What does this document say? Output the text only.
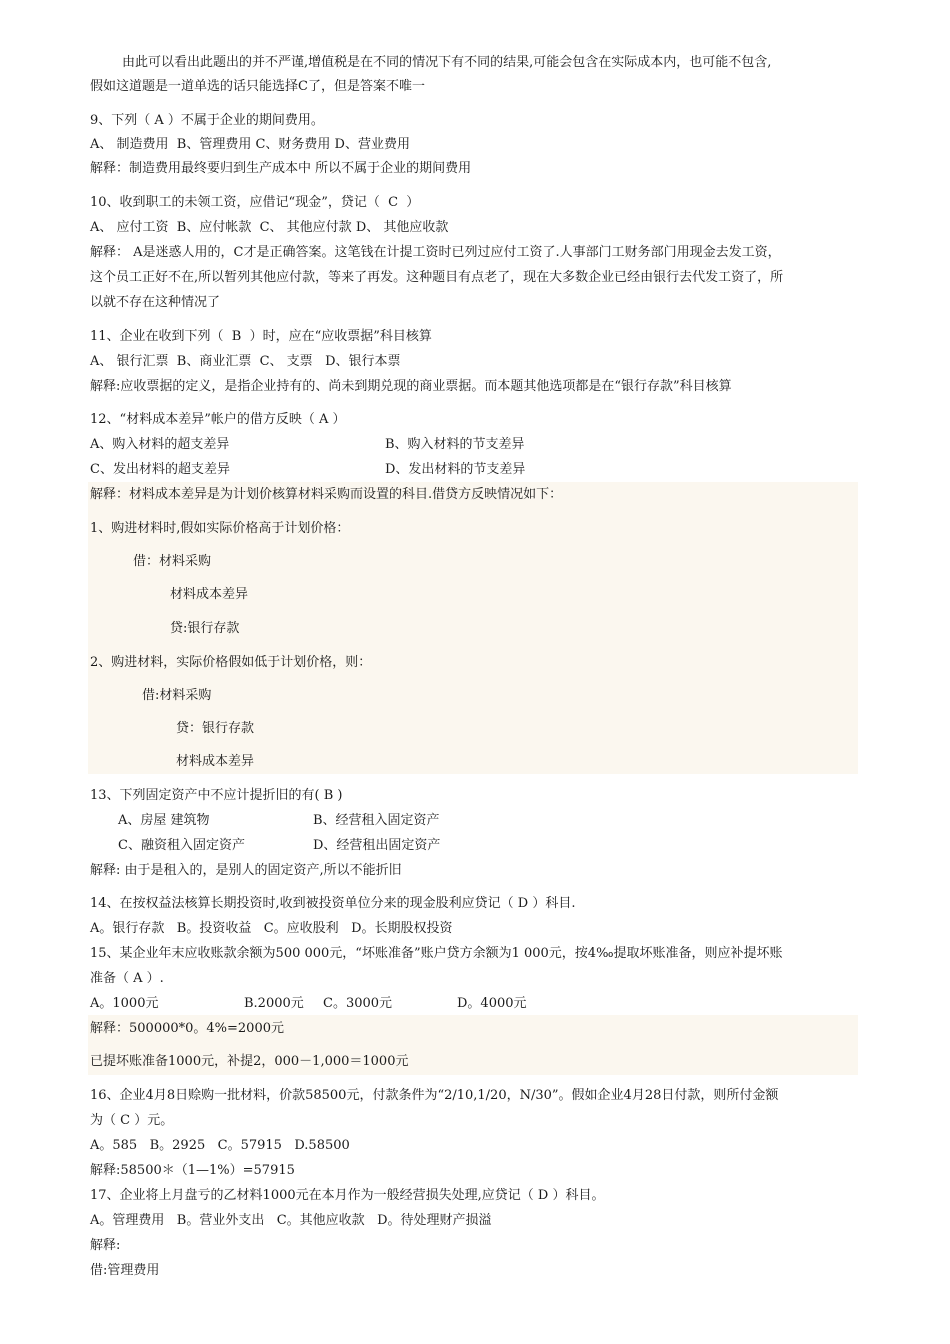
由此可以看出此题出的并不严谨,增值税是在不同的情况下有不同的结果,可能会包含在实际成本内，也可能不包含,
假如这道题是一道单选的话只能选择C了，但是答案不唯一
9、下列（ A ）不属于企业的期间费用。
A、 制造费用  B、管理费用 C、财务费用 D、营业费用
解释：制造费用最终要归到生产成本中 所以不属于企业的期间费用
10、收到职工的未领工资，应借记“现金”，贷记（  C  ）
A、 应付工资  B、应付帐款  C、 其他应付款 D、 其他应收款
解释： A是迷惑人用的，C才是正确答案。这笔钱在计提工资时已列过应付工资了.人事部门工财务部门用现金去发工资，
这个员工正好不在,所以暂列其他应付款，等来了再发。这种题目有点老了，现在大多数企业已经由银行去代发工资了，所
以就不存在这种情况了
11、企业在收到下列（  B  ）时，应在“应收票据”科目核算
A、 银行汇票  B、商业汇票  C、 支票   D、银行本票
解释:应收票据的定义，是指企业持有的、尚未到期兑现的商业票据。而本题其他选项都是在“银行存款”科目核算
12、“材料成本差异”帐户的借方反映（ A ）
A、购入材料的超支差异	B、购入材料的节支差异
C、发出材料的超支差异	D、发出材料的节支差异
解释：材料成本差异是为计划价核算材料采购而设置的科目.借贷方反映情况如下：
1、购进材料时,假如实际价格高于计划价格：
借：材料采购
材料成本差异
贷:银行存款
2、购进材料，实际价格假如低于计划价格，则：
借:材料采购
贷：银行存款
材料成本差异
13、下列固定资产中不应计提折旧的有( B )
A、房屋 建筑物	B、经营租入固定资产
C、融资租入固定资产	D、经营租出固定资产
解释: 由于是租入的，是别人的固定资产,所以不能折旧
14、在按权益法核算长期投资时,收到被投资单位分来的现金股利应贷记（ D ）科目.
A。银行存款   B。投资收益   C。应收股利   D。长期股权投资
15、某企业年末应收账款余额为500 000元，“坏账准备”账户贷方余额为1 000元，按4‰提取坏账准备，则应补提坏账
准备（ A ）.
A。1000元	B.2000元 C。3000元	D。4000元
解释：500000*0。4%=2000元
已提坏账准备1000元，补提2，000－1,000＝1000元
16、企业4月8日赊购一批材料，价款58500元，付款条件为“2/10,1/20，N/30”。假如企业4月28日付款，则所付金额
为（ C ）元。
A。585   B。2925   C。57915   D.58500
解释:58500＊（1—1%）=57915
17、企业将上月盘亏的乙材料1000元在本月作为一般经营损失处理,应贷记（ D ）科目。
A。管理费用   B。营业外支出   C。其他应收款   D。待处理财产损溢
解释:
借:管理费用
